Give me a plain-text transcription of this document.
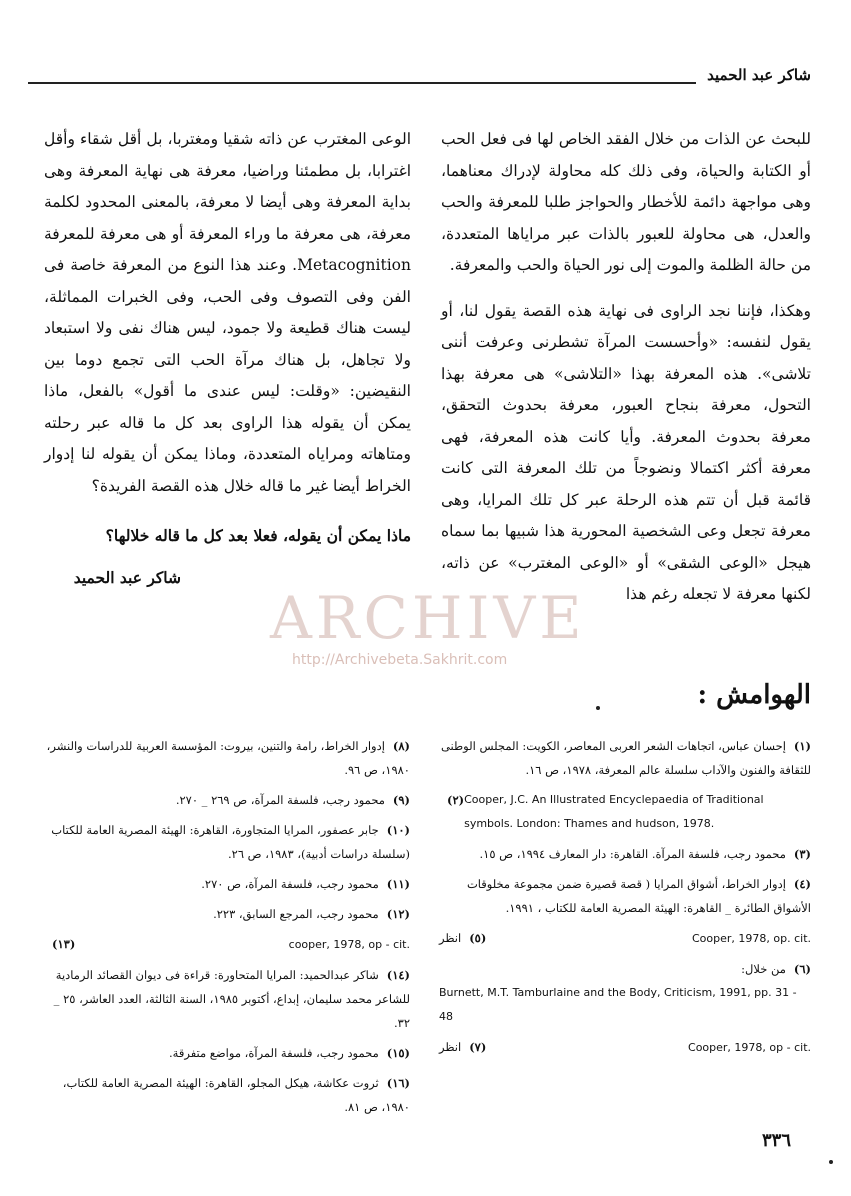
شاكر عبد الحميد

للبحث عن الذات من خلال الفقد الخاص لها فى فعل الحب أو الكتابة والحياة، وفى ذلك كله محاولة لإدراك معناهما، وهى مواجهة دائمة للأخطار والحواجز طلبا للمعرفة والحب والعدل، هى محاولة للعبور بالذات عبر مراياها المتعددة، من حالة الظلمة والموت إلى نور الحياة والحب والمعرفة.

وهكذا، فإننا نجد الراوى فى نهاية هذه القصة يقول لنا، أو يقول لنفسه: «وأحسست المرآة تشطرنى وعرفت أننى تلاشى». هذه المعرفة بهذا «التلاشى» هى معرفة بهذا التحول، معرفة بنجاح العبور، معرفة بحدوث التحقق، معرفة بحدوث المعرفة. وأيا كانت هذه المعرفة، فهى معرفة أكثر اكتمالا ونضوجاً من تلك المعرفة التى كانت قائمة قبل أن تتم هذه الرحلة عبر كل تلك المرايا، وهى معرفة تجعل وعى الشخصية المحورية هذا شبيها بما سماه هيجل «الوعى الشقى» أو «الوعى المغترب» عن ذاته، لكنها معرفة لا تجعله رغم هذا

الوعى المغترب عن ذاته شقيا ومغتربا، بل أقل شقاء وأقل اغترابا، بل مطمئنا وراضيا، معرفة هى نهاية المعرفة وهى بداية المعرفة وهى أيضا لا معرفة، بالمعنى المحدود لكلمة معرفة، هى معرفة ما وراء المعرفة أو هى معرفة للمعرفة Metacognition. وعند هذا النوع من المعرفة خاصة فى الفن وفى التصوف وفى الحب، وفى الخبرات المماثلة، ليست هناك قطيعة ولا جمود، ليس هناك نفى ولا استبعاد ولا تجاهل، بل هناك مرآة الحب التى تجمع دوما بين النقيضين: «وقلت: ليس عندى ما أقول» بالفعل، ماذا يمكن أن يقوله هذا الراوى بعد كل ما قاله عبر رحلته ومتاهاته ومراياه المتعددة، وماذا يمكن أن يقوله لنا إدوار الخراط أيضا غير ما قاله خلال هذه القصة الفريدة؟

ماذا يمكن أن يقوله، فعلا بعد كل ما قاله خلالها؟

شاكر عبد الحميد

ARCHIVE
http://Archivebeta.Sakhrit.com
الهوامش :
(١)إحسان عباس، اتجاهات الشعر العربى المعاصر، الكويت: المجلس الوطنى للثقافة والفنون والآداب سلسلة عالم المعرفة، ١٩٧٨، ص ١٦.
(٢) Cooper, J.C. An Illustrated Encyclepaedia of Traditional symbols. London: Thames and hudson, 1978.
(٣)محمود رجب، فلسفة المرآة. القاهرة: دار المعارف ١٩٩٤، ص ١٥.
(٤)إدوار الخراط، أشواق المرايا ( قصة قصيرة ضمن مجموعة مخلوقات الأشواق الطائرة _ القاهرة: الهيئة المصرية العامة للكتاب ، ١٩٩١.
(٥)انظر	Cooper, 1978, op. cit.
(٦)من خلال:
Burnett, M.T. Tamburlaine and the Body, Criticism, 1991, pp. 31 - 48
(٧)انظر	Cooper, 1978, op - cit.
(٨)إدوار الخراط، رامة والتنين، بيروت: المؤسسة العربية للدراسات والنشر، ١٩٨٠، ص ٩٦.
(٩)محمود رجب، فلسفة المرآة، ص ٢٦٩ _ ٢٧٠.
(١٠)جابر عصفور، المرايا المتجاورة، القاهرة: الهيئة المصرية العامة للكتاب (سلسلة دراسات أدبية)، ١٩٨٣، ص ٢٦.
(١١)محمود رجب، فلسفة المرآة، ص ٢٧٠.
(١٢)محمود رجب، المرجع السابق، ٢٢٣.
(١٣)	cooper, 1978, op - cit.
(١٤)شاكر عبدالحميد: المرايا المتحاورة: قراءة فى ديوان القصائد الرمادية للشاعر محمد سليمان، إبداع، أكتوبر ١٩٨٥، السنة الثالثة، العدد العاشر، ٢٥ _ ٣٢.
(١٥)محمود رجب، فلسفة المرآة، مواضع متفرقة.
(١٦)ثروت عكاشة، هيكل المجلو، القاهرة: الهيئة المصرية العامة للكتاب، ١٩٨٠، ص ٨١.
٣٣٦
